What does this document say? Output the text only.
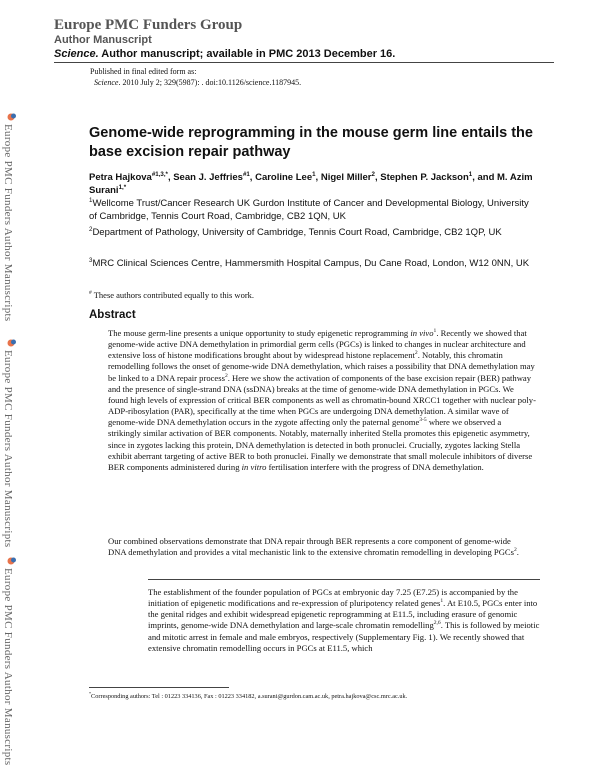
Europe PMC Funders Group
Author Manuscript
Science. Author manuscript; available in PMC 2013 December 16.
Published in final edited form as:
Science. 2010 July 2; 329(5987): . doi:10.1126/science.1187945.
Europe PMC Funders Author Manuscripts
Europe PMC Funders Author Manuscripts
Europe PMC Funders Author Manuscripts
Genome-wide reprogramming in the mouse germ line entails the base excision repair pathway
Petra Hajkova$^{\#1,3,*}$, Sean J. Jeffries$^{\#1}$, Caroline Lee$^1$, Nigel Miller$^2$, Stephen P. Jackson$^1$, and M. Azim Surani$^{1,*}$
$^1$Wellcome Trust/Cancer Research UK Gurdon Institute of Cancer and Developmental Biology, University of Cambridge, Tennis Court Road, Cambridge, CB2 1QN, UK
$^2$Department of Pathology, University of Cambridge, Tennis Court Road, Cambridge, CB2 1QP, UK
$^3$MRC Clinical Sciences Centre, Hammersmith Hospital Campus, Du Cane Road, London, W12 0NN, UK
# These authors contributed equally to this work.
Abstract
The mouse germ-line presents a unique opportunity to study epigenetic reprogramming in vivo$^1$. Recently we showed that genome-wide active DNA demethylation in primordial germ cells (PGCs) is linked to changes in nuclear architecture and extensive loss of histone modifications brought about by widespread histone replacement$^2$. Notably, this chromatin remodelling follows the onset of genome-wide DNA demethylation, which raises a possibility that DNA demethylation may be linked to a DNA repair process$^2$. Here we show the activation of components of the base excision repair (BER) pathway and the presence of single-strand DNA (ssDNA) breaks at the time of genome-wide DNA demethylation in PGCs. We found high levels of expression of critical BER components as well as chromatin-bound XRCC1 together with nuclear poly-ADP-ribosylation (PAR), specifically at the time when PGCs are undergoing DNA demethylation. A similar wave of genome-wide DNA demethylation occurs in the zygote affecting only the paternal genome$^{3-5}$ where we observed a strikingly similar activation of BER components. Notably, maternally inherited Stella promotes this epigenetic asymmetry, since in zygotes lacking this protein, DNA demethylation is detected in both pronuclei. Crucially, zygotes lacking Stella exhibit aberrant targeting of active BER to both pronuclei. Finally we demonstrate that small molecule inhibitors of diverse BER components administered during in vitro fertilisation interfere with the progress of DNA demethylation.
Our combined observations demonstrate that DNA repair through BER represents a core component of genome-wide DNA demethylation and provides a vital mechanistic link to the extensive chromatin remodelling in developing PGCs$^2$.
The establishment of the founder population of PGCs at embryonic day 7.25 (E7.25) is accompanied by the initiation of epigenetic modifications and re-expression of pluripotency related genes$^1$. At E10.5, PGCs enter into the genital ridges and exhibit widespread epigenetic reprogramming at E11.5, including erasure of genomic imprints, genome-wide DNA demethylation and large-scale chromatin remodelling$^{2,6}$. This is followed by meiotic and mitotic arrest in female and male embryos, respectively (Supplementary Fig. 1). We recently showed that extensive chromatin remodelling occurs in PGCs at E11.5, which
*Corresponding authors: Tel : 01223 334136, Fax : 01223 334182, a.surani@gurdon.cam.ac.uk, petra.hajkova@csc.mrc.ac.uk.
